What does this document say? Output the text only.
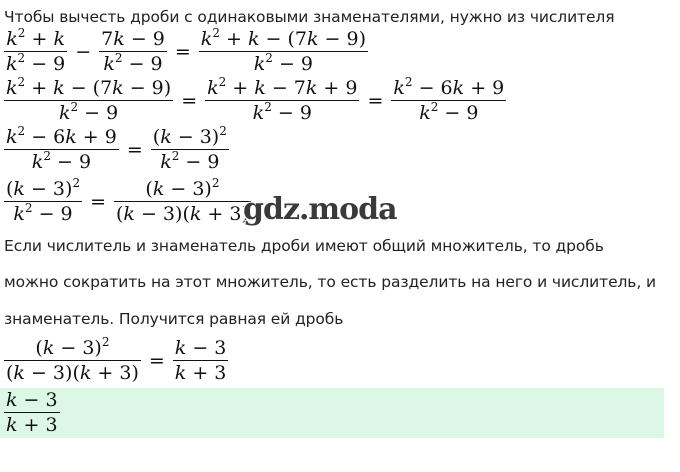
Чтобы вычесть дроби с одинаковыми знаменателями, нужно из числителя
$\frac{k^2 + k}{k^2 - 9} - \frac{7k - 9}{k^2 - 9} = \frac{k^2 + k - (7k - 9)}{k^2 - 9}$
$\frac{k^2 + k - (7k - 9)}{k^2 - 9} = \frac{k^2 + k - 7k + 9}{k^2 - 9} = \frac{k^2 - 6k + 9}{k^2 - 9}$
$\frac{k^2 - 6k + 9}{k^2 - 9} = \frac{(k - 3)^2}{k^2 - 9}$
$\frac{(k - 3)^2}{k^2 - 9} = \frac{(k - 3)^2}{(k - 3)(k + 3)}$
gdz.moda
Если числитель и знаменатель дроби имеют общий множитель, то дробь
можно сократить на этот множитель, то есть разделить на него и числитель, и
знаменатель. Получится равная ей дробь
$\frac{(k - 3)^2}{(k - 3)(k + 3)} = \frac{k - 3}{k + 3}$
$\frac{k - 3}{k + 3}$
